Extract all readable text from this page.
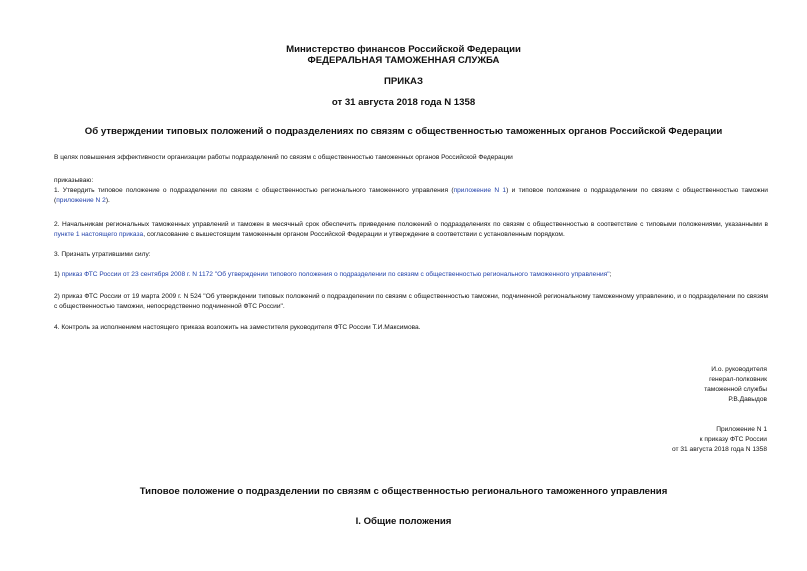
Министерство финансов Российской Федерации
ФЕДЕРАЛЬНАЯ ТАМОЖЕННАЯ СЛУЖБА
ПРИКАЗ
от 31 августа 2018 года N 1358
Об утверждении типовых положений о подразделениях по связям с общественностью таможенных органов Российской Федерации
В целях повышения эффективности организации работы подразделений по связям с общественностью таможенных органов Российской Федерации
приказываю:
1. Утвердить типовое положение о подразделении по связям с общественностью регионального таможенного управления (приложение N 1) и типовое положение о подразделении по связям с общественностью таможни (приложение N 2).
2. Начальникам региональных таможенных управлений и таможен в месячный срок обеспечить приведение положений о подразделениях по связям с общественностью в соответствие с типовыми положениями, указанными в пункте 1 настоящего приказа, согласование с вышестоящим таможенным органом Российской Федерации и утверждение в соответствии с установленным порядком.
3. Признать утратившими силу:
1) приказ ФТС России от 23 сентября 2008 г. N 1172 "Об утверждении типового положения о подразделении по связям с общественностью регионального таможенного управления";
2) приказ ФТС России от 19 марта 2009 г. N 524 "Об утверждении типовых положений о подразделении по связям с общественностью таможни, подчиненной региональному таможенному управлению, и о подразделении по связям с общественностью таможни, непосредственно подчиненной ФТС России".
4. Контроль за исполнением настоящего приказа возложить на заместителя руководителя ФТС России Т.И.Максимова.
И.о. руководителя
генерал-полковник
таможенной службы
Р.В.Давыдов
Приложение N 1
к приказу ФТС России
от 31 августа 2018 года N 1358
Типовое положение о подразделении по связям с общественностью регионального таможенного управления
I. Общие положения
